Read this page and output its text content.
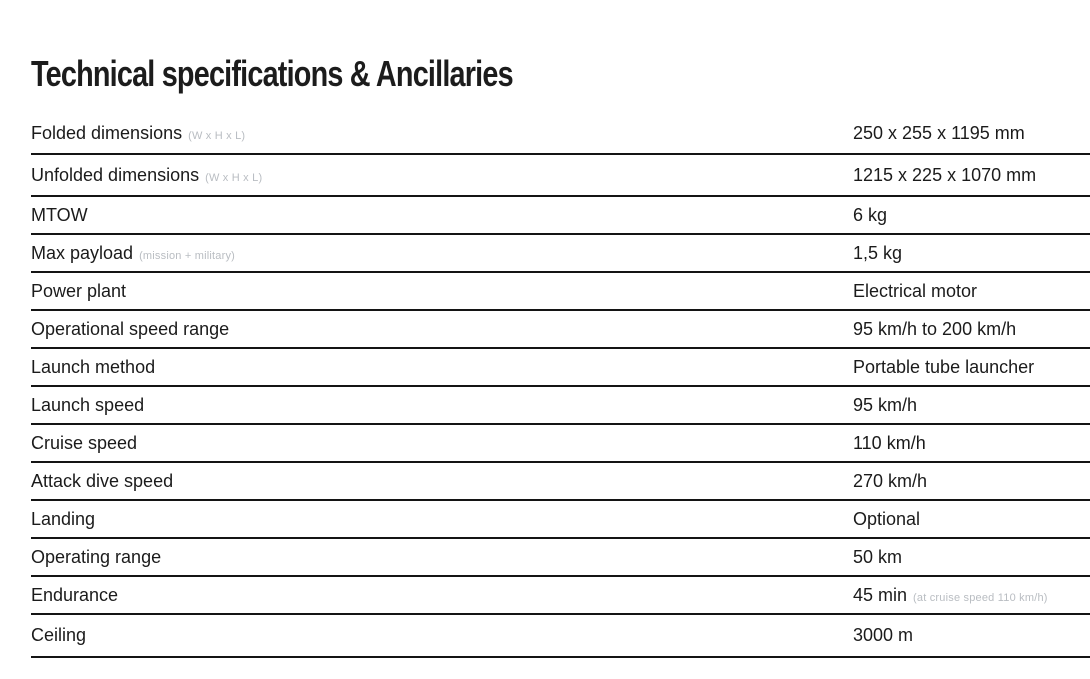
Technical specifications & Ancillaries
Folded dimensions (W x H x L)	250 x 255 x 1195 mm
Unfolded dimensions (W x H x L)	1215 x 225 x 1070 mm
MTOW	6 kg
Max payload (mission + military)	1,5 kg
Power plant	Electrical motor
Operational speed range	95 km/h to 200 km/h
Launch method	Portable tube launcher
Launch speed	95 km/h
Cruise speed	110 km/h
Attack dive speed	270 km/h
Landing	Optional
Operating range	50 km
Endurance	45 min (at cruise speed 110 km/h)
Ceiling	3000 m
